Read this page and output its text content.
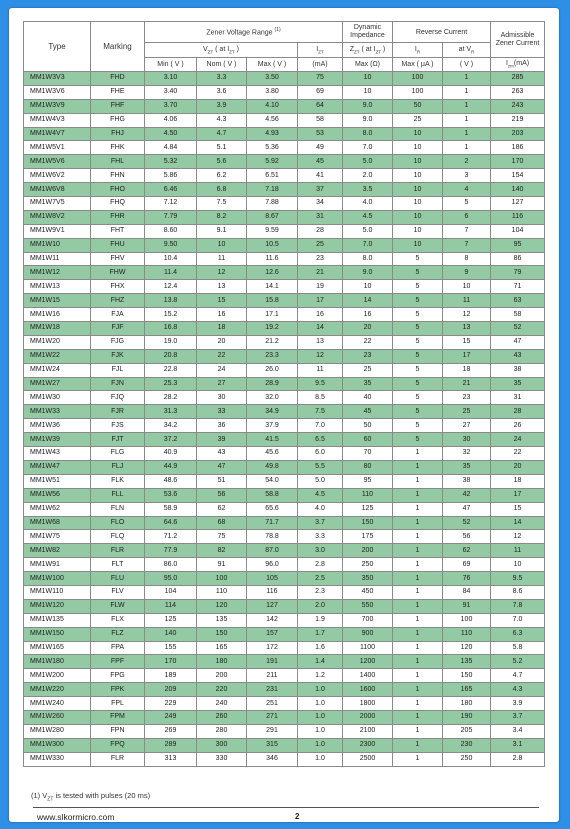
Type	Marking	Zener Voltage Range $^{(1)}$				Dynamic Impedance	Reverse Current		Admissible Zener Current
		$V_{ZT}$ ( at $I_{ZT}$ )			$I_{ZT}$	$Z_{ZT}$ ( at $I_{ZT}$ )	$I_R$	at $V_R$
		Min ( V )	Nom ( V )	Max ( V )	(mA)	Max (Ω)	Max ( μA )	( V )	$I_{zm}(mA)$
MM1W3V3	FHD	3.10	3.3	3.50	75	10	100	1	285
MM1W3V6	FHE	3.40	3.6	3.80	69	10	100	1	263
MM1W3V9	FHF	3.70	3.9	4.10	64	9.0	50	1	243
MM1W4V3	FHG	4.06	4.3	4.56	58	9.0	25	1	219
MM1W4V7	FHJ	4.50	4.7	4.93	53	8.0	10	1	203
MM1W5V1	FHK	4.84	5.1	5.36	49	7.0	10	1	186
MM1W5V6	FHL	5.32	5.6	5.92	45	5.0	10	2	170
MM1W6V2	FHN	5.86	6.2	6.51	41	2.0	10	3	154
MM1W6V8	FHO	6.46	6.8	7.18	37	3.5	10	4	140
MM1W7V5	FHQ	7.12	7.5	7.88	34	4.0	10	5	127
MM1W8V2	FHR	7.79	8.2	8.67	31	4.5	10	6	116
MM1W9V1	FHT	8.60	9.1	9.59	28	5.0	10	7	104
MM1W10	FHU	9.50	10	10.5	25	7.0	10	7	95
MM1W11	FHV	10.4	11	11.6	23	8.0	5	8	86
MM1W12	FHW	11.4	12	12.6	21	9.0	5	9	79
MM1W13	FHX	12.4	13	14.1	19	10	5	10	71
MM1W15	FHZ	13.8	15	15.8	17	14	5	11	63
MM1W16	FJA	15.2	16	17.1	16	16	5	12	58
MM1W18	FJF	16.8	18	19.2	14	20	5	13	52
MM1W20	FJG	19.0	20	21.2	13	22	5	15	47
MM1W22	FJK	20.8	22	23.3	12	23	5	17	43
MM1W24	FJL	22.8	24	26.0	11	25	5	18	38
MM1W27	FJN	25.3	27	28.9	9.5	35	5	21	35
MM1W30	FJQ	28.2	30	32.0	8.5	40	5	23	31
MM1W33	FJR	31.3	33	34.9	7.5	45	5	25	28
MM1W36	FJS	34.2	36	37.9	7.0	50	5	27	26
MM1W39	FJT	37.2	39	41.5	6.5	60	5	30	24
MM1W43	FLG	40.9	43	45.6	6.0	70	1	32	22
MM1W47	FLJ	44.9	47	49.8	5.5	80	1	35	20
MM1W51	FLK	48.6	51	54.0	5.0	95	1	38	18
MM1W56	FLL	53.6	56	58.8	4.5	110	1	42	17
MM1W62	FLN	58.9	62	65.6	4.0	125	1	47	15
MM1W68	FLO	64.6	68	71.7	3.7	150	1	52	14
MM1W75	FLQ	71.2	75	78.8	3.3	175	1	56	12
MM1W82	FLR	77.9	82	87.0	3.0	200	1	62	11
MM1W91	FLT	86.0	91	96.0	2.8	250	1	69	10
MM1W100	FLU	95.0	100	105	2.5	350	1	76	9.5
MM1W110	FLV	104	110	116	2.3	450	1	84	8.6
MM1W120	FLW	114	120	127	2.0	550	1	91	7.8
MM1W135	FLX	125	135	142	1.9	700	1	100	7.0
MM1W150	FLZ	140	150	157	1.7	900	1	110	6.3
MM1W165	FPA	155	165	172	1.6	1100	1	120	5.8
MM1W180	FPF	170	180	191	1.4	1200	1	135	5.2
MM1W200	FPG	189	200	211	1.2	1400	1	150	4.7
MM1W220	FPK	209	220	231	1.0	1600	1	165	4.3
MM1W240	FPL	229	240	251	1.0	1800	1	180	3.9
MM1W260	FPM	249	260	271	1.0	2000	1	190	3.7
MM1W280	FPN	269	280	291	1.0	2100	1	205	3.4
MM1W300	FPQ	289	300	315	1.0	2300	1	230	3.1
MM1W330	FLR	313	330	346	1.0	2500	1	250	2.8
(1) $V_{ZT}$ is tested with pulses (20 ms)
www.slkormicro.com	2
